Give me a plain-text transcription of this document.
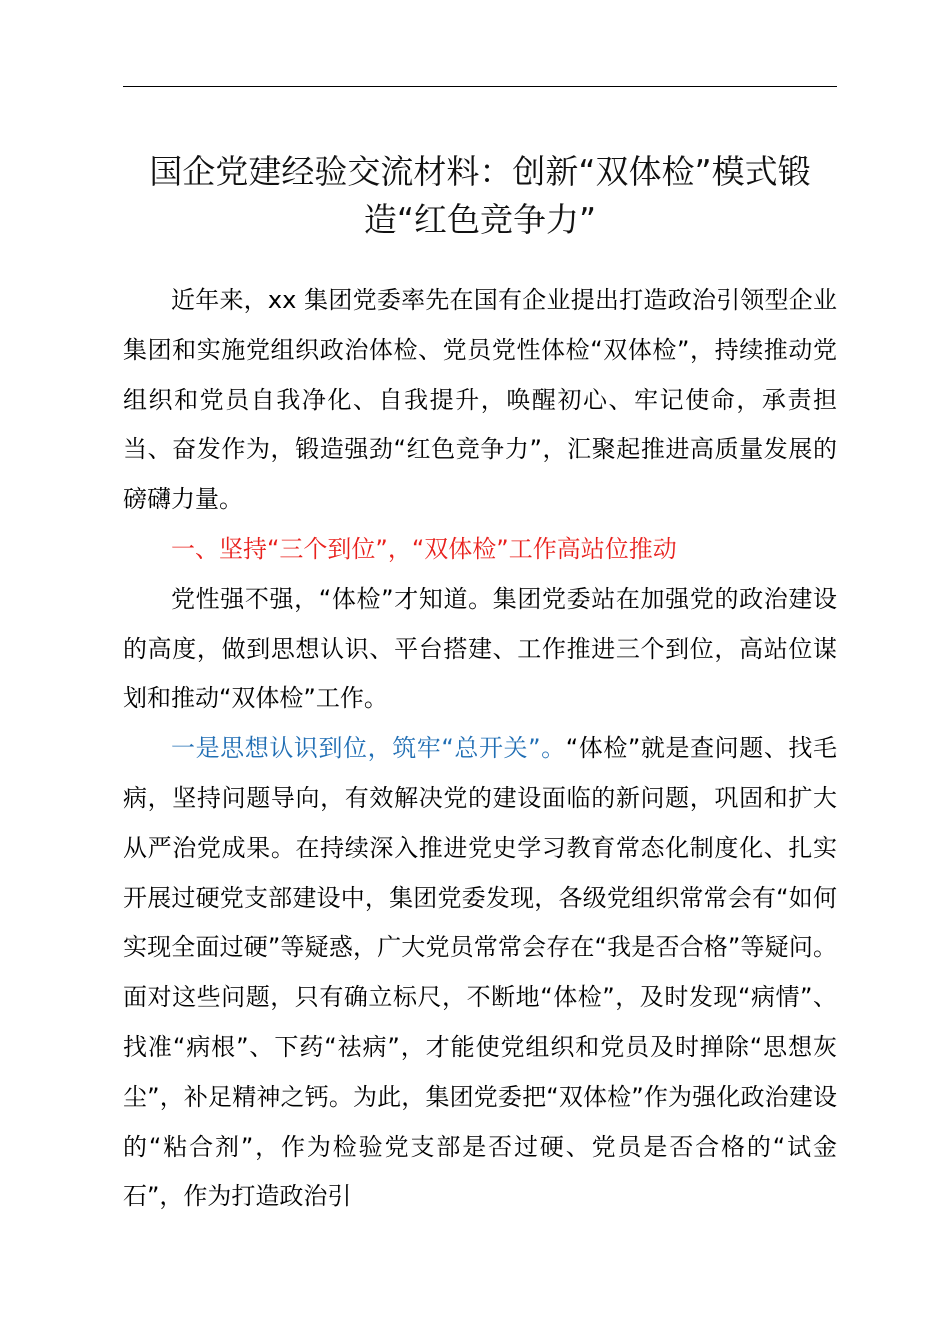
国企党建经验交流材料：创新“双体检”模式锻造“红色竞争力”

近年来，xx 集团党委率先在国有企业提出打造政治引领型企业集团和实施党组织政治体检、党员党性体检“双体检”，持续推动党组织和党员自我净化、自我提升，唤醒初心、牢记使命，承责担当、奋发作为，锻造强劲“红色竞争力”，汇聚起推进高质量发展的磅礴力量。

一、坚持“三个到位”，“双体检”工作高站位推动

党性强不强，“体检”才知道。集团党委站在加强党的政治建设的高度，做到思想认识、平台搭建、工作推进三个到位，高站位谋划和推动“双体检”工作。

一是思想认识到位，筑牢“总开关”。“体检”就是查问题、找毛病，坚持问题导向，有效解决党的建设面临的新问题，巩固和扩大从严治党成果。在持续深入推进党史学习教育常态化制度化、扎实开展过硬党支部建设中，集团党委发现，各级党组织常常会有“如何实现全面过硬”等疑惑，广大党员常常会存在“我是否合格”等疑问。面对这些问题，只有确立标尺，不断地“体检”，及时发现“病情”、找准“病根”、下药“祛病”，才能使党组织和党员及时掸除“思想灰尘”，补足精神之钙。为此，集团党委把“双体检”作为强化政治建设的“粘合剂”，作为检验党支部是否过硬、党员是否合格的“试金石”，作为打造政治引
